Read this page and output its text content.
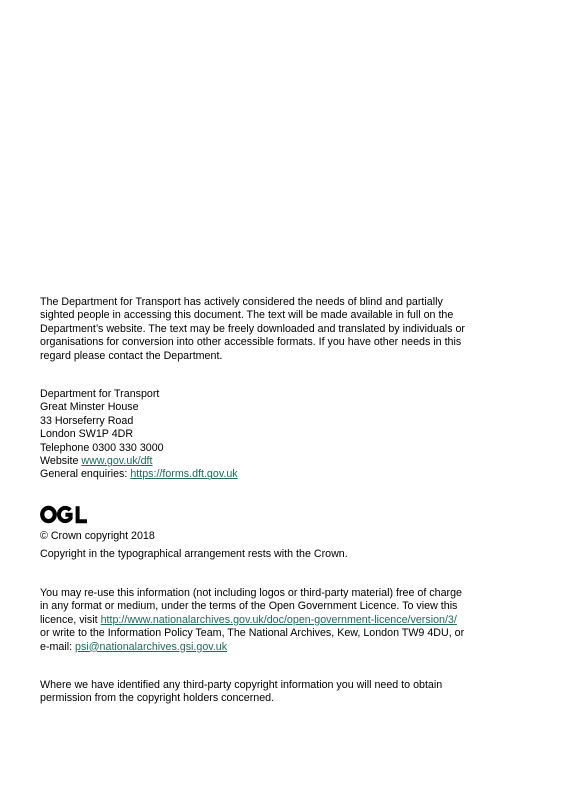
The Department for Transport has actively considered the needs of blind and partially
sighted people in accessing this document. The text will be made available in full on the
Department’s website. The text may be freely downloaded and translated by individuals or
organisations for conversion into other accessible formats. If you have other needs in this
regard please contact the Department.
Department for Transport
Great Minster House
33 Horseferry Road
London SW1P 4DR
Telephone 0300 330 3000
Website www.gov.uk/dft
General enquiries: https://forms.dft.gov.uk
© Crown copyright 2018
Copyright in the typographical arrangement rests with the Crown.
You may re-use this information (not including logos or third-party material) free of charge
in any format or medium, under the terms of the Open Government Licence. To view this
licence, visit http://www.nationalarchives.gov.uk/doc/open-government-licence/version/3/
or write to the Information Policy Team, The National Archives, Kew, London TW9 4DU, or
e-mail: psi@nationalarchives.gsi.gov.uk
Where we have identified any third-party copyright information you will need to obtain
permission from the copyright holders concerned.
